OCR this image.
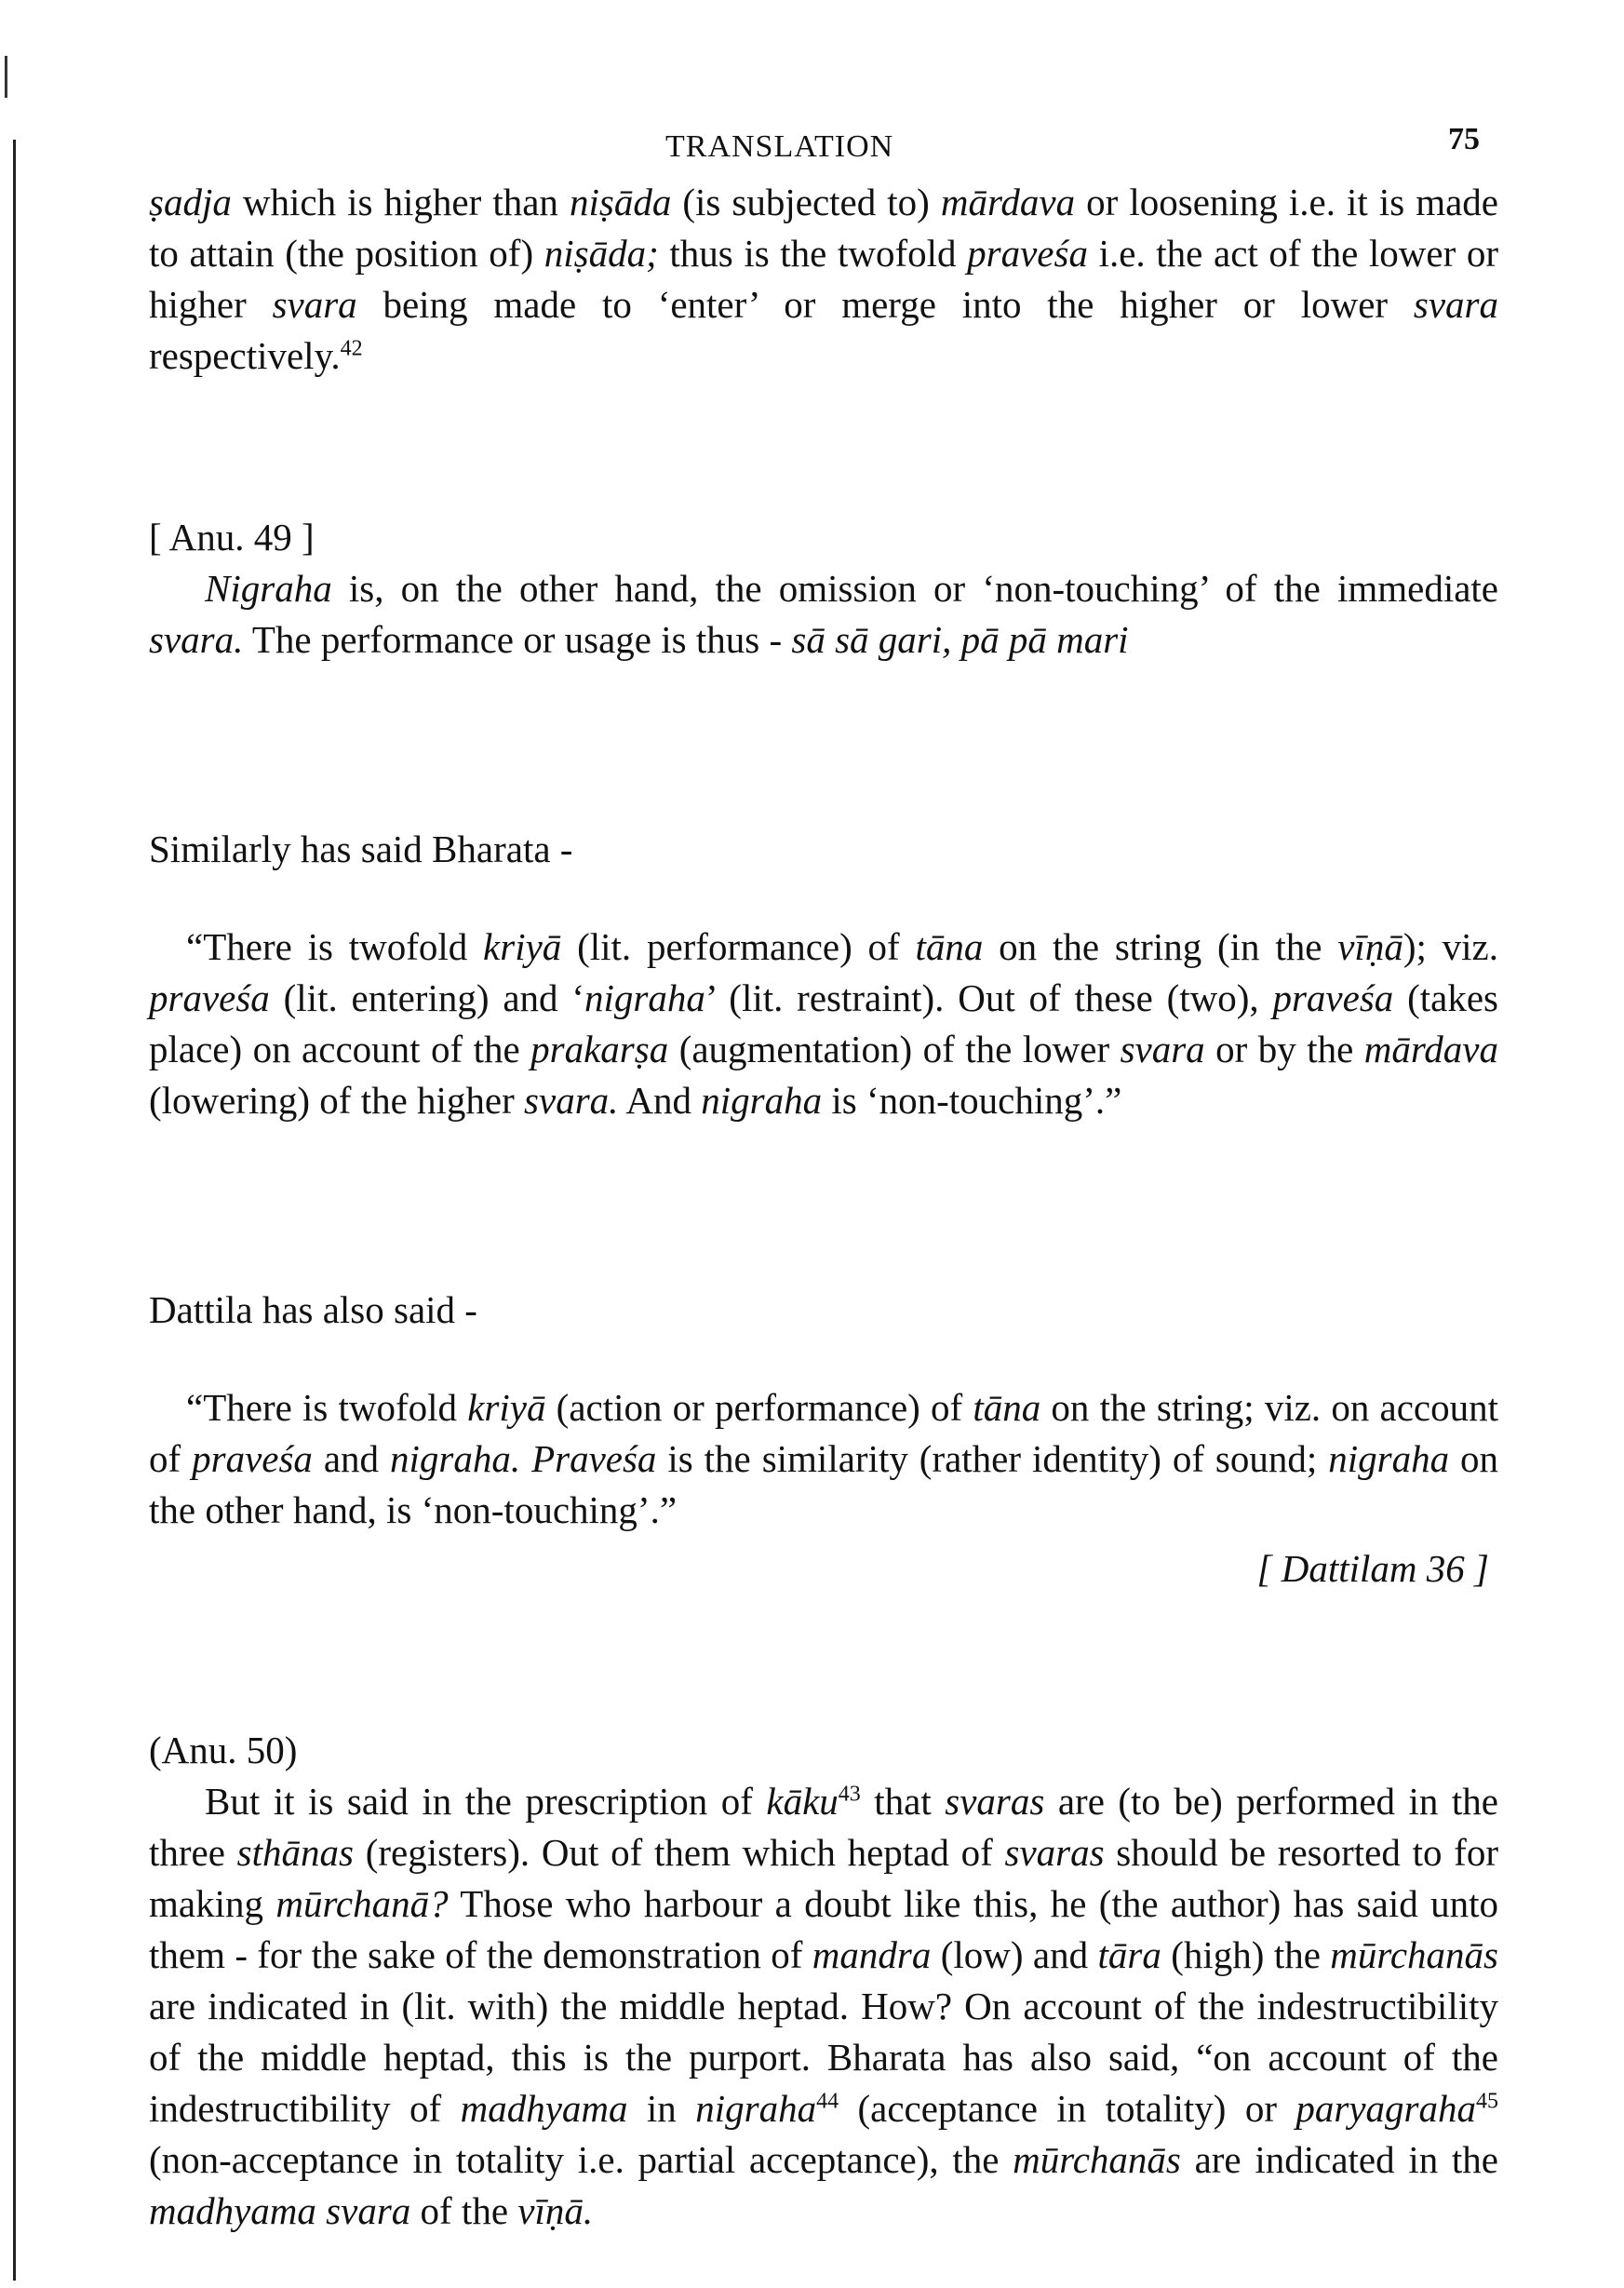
TRANSLATION	75

ṣadja which is higher than niṣāda (is subjected to) mārdava or loosening i.e. it is made to attain (the position of) niṣāda; thus is the twofold praveśa i.e. the act of the lower or higher svara being made to ‘enter’ or merge into the higher or lower svara respectively.$^{42}$

[ Anu. 49 ]

Nigraha is, on the other hand, the omission or ‘non-touching’ of the immediate svara. The performance or usage is thus - sā sā gari, pā pā mari

Similarly has said Bharata -

“There is twofold kriyā (lit. performance) of tāna on the string (in the vīṇā); viz. praveśa (lit. entering) and ‘nigraha’ (lit. restraint). Out of these (two), praveśa (takes place) on account of the prakarṣa (augmentation) of the lower svara or by the mārdava (lowering) of the higher svara. And nigraha is ‘non-touching’.”

Dattila has also said -

“There is twofold kriyā (action or performance) of tāna on the string; viz. on account of praveśa and nigraha. Praveśa is the similarity (rather identity) of sound; nigraha on the other hand, is ‘non-touching’.”

[ Dattilam 36 ]

(Anu. 50)

But it is said in the prescription of kāku$^{43}$ that svaras are (to be) performed in the three sthānas (registers). Out of them which heptad of svaras should be resorted to for making mūrchanā? Those who harbour a doubt like this, he (the author) has said unto them - for the sake of the demonstration of mandra (low) and tāra (high) the mūrchanās are indicated in (lit. with) the middle heptad. How? On account of the indestructibility of the middle heptad, this is the purport. Bharata has also said, “on account of the indestructibility of madhyama in nigraha$^{44}$ (acceptance in totality) or paryagraha$^{45}$ (non-acceptance in totality i.e. partial acceptance), the mūrchanās are indicated in the madhyama svara of the vīṇā.
